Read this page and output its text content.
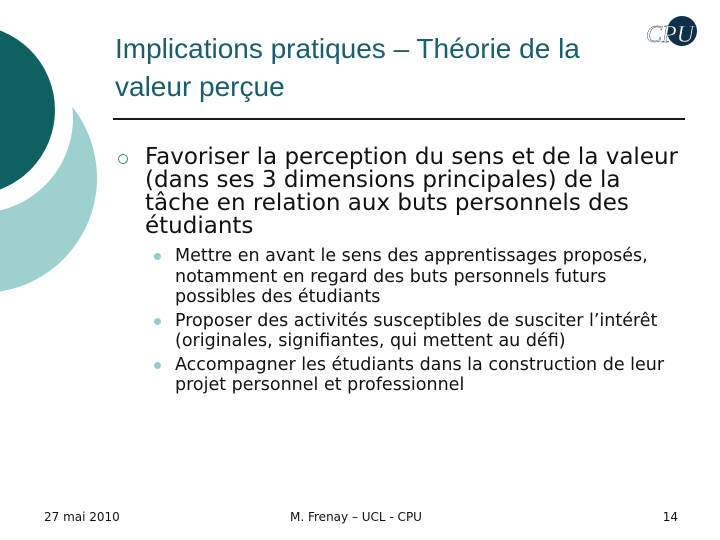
CPU
Implications pratiques – Théorie de la valeur perçue
Favoriser la perception du sens et de la valeur (dans ses 3 dimensions principales) de la tâche en relation aux buts personnels des étudiants
Mettre en avant le sens des apprentissages proposés, notamment en regard des buts personnels futurs possibles des étudiants
Proposer des activités susceptibles de susciter l’intérêt (originales, signifiantes, qui mettent au défi)
Accompagner les étudiants dans la construction de leur projet personnel et professionnel
27 mai 2010	M. Frenay – UCL - CPU	14
